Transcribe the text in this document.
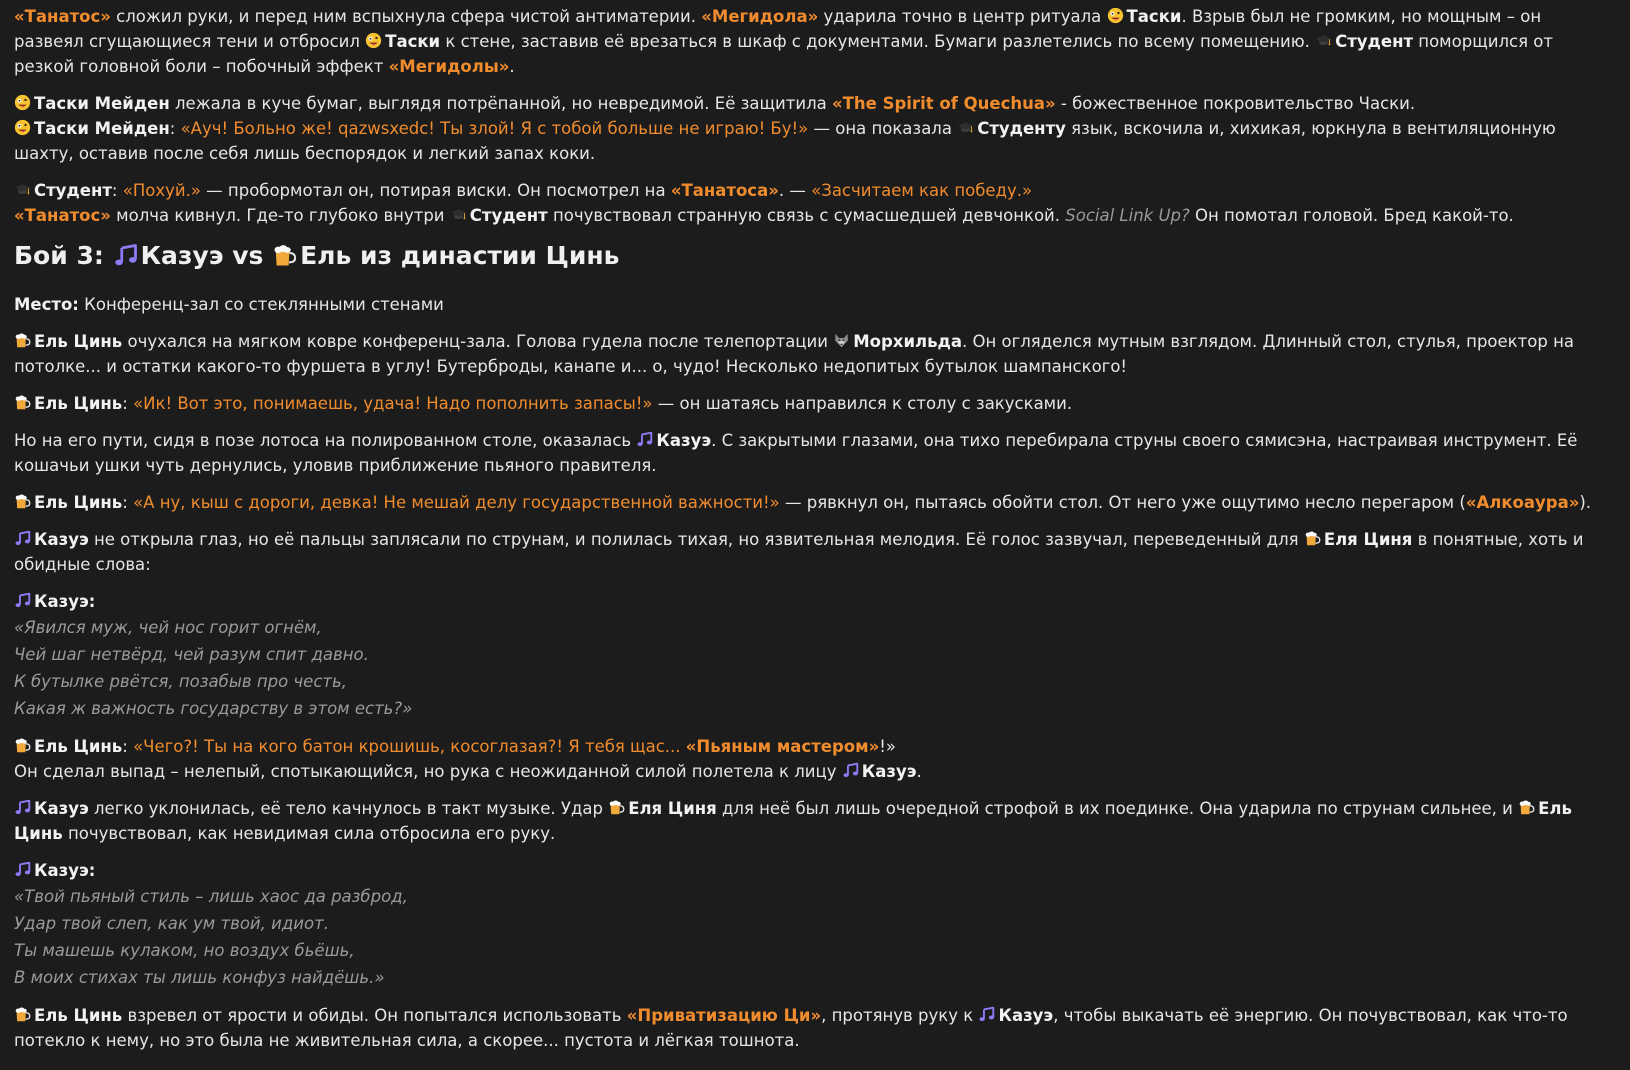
«Танатос» сложил руки, и перед ним вспыхнула сфера чистой антиматерии. «Мегидола» ударила точно в центр ритуала
Таски. Взрыв был не громким, но мощным – он развеял сгущающиеся тени и отбросил
Таски к стене, заставив её врезаться в шкаф с документами. Бумаги разлетелись по всему помещению.
Студент поморщился от резкой головной боли – побочный эффект «Мегидолы».

Таски Мейден лежала в куче бумаг, выглядя потрёпанной, но невредимой. Её защитила «The Spirit of Quechua» - божественное покровительство Часки.

Таски Мейден: «Ауч! Больно же! qazwsxedc! Ты злой! Я с тобой больше не играю! Бу!» — она показала
Студенту язык, вскочила и, хихикая, юркнула в вентиляционную шахту, оставив после себя лишь беспорядок и легкий запах коки.

Студент: «Похуй.» — пробормотал он, потирая виски. Он посмотрел на «Танатоса». — «Засчитаем как победу.»

«Танатос» молча кивнул. Где-то глубоко внутри
Студент почувствовал странную связь с сумасшедшей девчонкой. Social Link Up? Он помотал головой. Бред какой-то.

Бой 3:
Казуэ vs
Ель из династии Цинь

Место: Конференц-зал со стеклянными стенами

Ель Цинь очухался на мягком ковре конференц-зала. Голова гудела после телепортации
Морхильда. Он огляделся мутным взглядом. Длинный стол, стулья, проектор на потолке... и остатки какого-то фуршета в углу! Бутерброды, канапе и... о, чудо! Несколько недопитых бутылок шампанского!

Ель Цинь: «Ик! Вот это, понимаешь, удача! Надо пополнить запасы!» — он шатаясь направился к столу с закусками.

Но на его пути, сидя в позе лотоса на полированном столе, оказалась
Казуэ. С закрытыми глазами, она тихо перебирала струны своего сямисэна, настраивая инструмент. Её кошачьи ушки чуть дернулись, уловив приближение пьяного правителя.

Ель Цинь: «А ну, кыш с дороги, девка! Не мешай делу государственной важности!» — рявкнул он, пытаясь обойти стол. От него уже ощутимо несло перегаром («Алкоаура»).

Казуэ не открыла глаз, но её пальцы заплясали по струнам, и полилась тихая, но язвительная мелодия. Её голос зазвучал, переведенный для
Еля Циня в понятные, хоть и обидные слова:

Казуэ:
«Явился муж, чей нос горит огнём,
Чей шаг нетвёрд, чей разум спит давно.
К бутылке рвётся, позабыв про честь,
Какая ж важность государству в этом есть?»

Ель Цинь: «Чего?! Ты на кого батон крошишь, косоглазая?! Я тебя щас... «Пьяным мастером»!»
Он сделал выпад – нелепый, спотыкающийся, но рука с неожиданной силой полетела к лицу
Казуэ.

Казуэ легко уклонилась, её тело качнулось в такт музыке. Удар
Еля Циня для неё был лишь очередной строфой в их поединке. Она ударила по струнам сильнее, и
Ель Цинь почувствовал, как невидимая сила отбросила его руку.

Казуэ:
«Твой пьяный стиль – лишь хаос да разброд,
Удар твой слеп, как ум твой, идиот.
Ты машешь кулаком, но воздух бьёшь,
В моих стихах ты лишь конфуз найдёшь.»

Ель Цинь взревел от ярости и обиды. Он попытался использовать «Приватизацию Ци», протянув руку к
Казуэ, чтобы выкачать её энергию. Он почувствовал, как что-то потекло к нему, но это была не живительная сила, а скорее... пустота и лёгкая тошнота.
